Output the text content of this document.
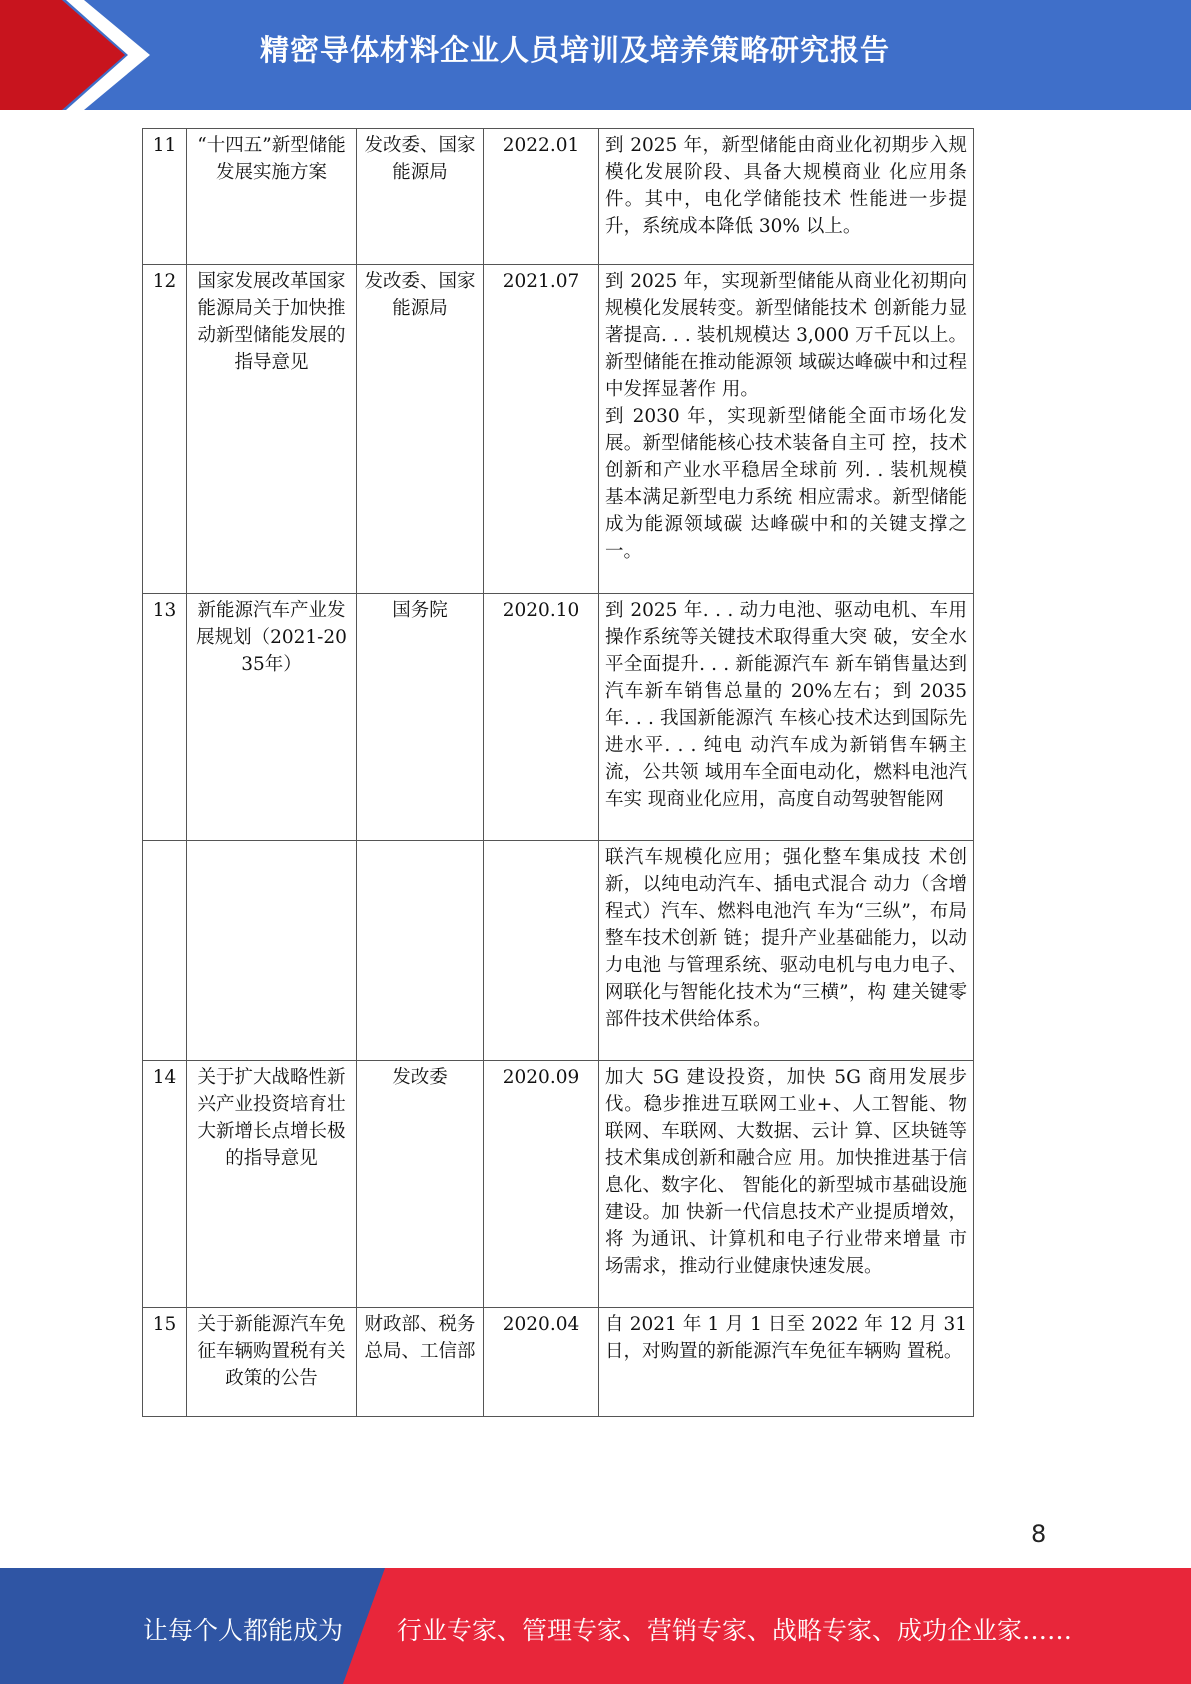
精密导体材料企业人员培训及培养策略研究报告
11	“十四五”新型储能发展实施方案	发改委、国家能源局	2022.01	到 2025 年，新型储能由商业化初期步入规模化发展阶段、具备大规模商业 化应用条件。其中，电化学储能技术 性能进一步提升，系统成本降低 30% 以上。
12	国家发展改革国家能源局关于加快推动新型储能发展的指导意见	发改委、国家能源局	2021.07	到 2025 年，实现新型储能从商业化初期向规模化发展转变。新型储能技术 创新能力显著提高. . . 装机规模达 3,000 万千瓦以上。新型储能在推动能源领 域碳达峰碳中和过程中发挥显著作 用。
到 2030 年，实现新型储能全面市场化发展。新型储能核心技术装备自主可 控，技术创新和产业水平稳居全球前 列. . 装机规模基本满足新型电力系统 相应需求。新型储能成为能源领域碳 达峰碳中和的关键支撑之一。
13	新能源汽车产业发展规划（2021-2035年）	国务院	2020.10	到 2025 年. . . 动力电池、驱动电机、车用操作系统等关键技术取得重大突 破，安全水平全面提升. . . 新能源汽车 新车销售量达到汽车新车销售总量的 20%左右；到 2035 年. . . 我国新能源汽 车核心技术达到国际先进水平. . . 纯电 动汽车成为新销售车辆主流，公共领 域用车全面电动化，燃料电池汽车实 现商业化应用，高度自动驾驶智能网
				联汽车规模化应用；强化整车集成技 术创新，以纯电动汽车、插电式混合 动力（含增程式）汽车、燃料电池汽 车为“三纵”，布局整车技术创新 链；提升产业基础能力，以动力电池 与管理系统、驱动电机与电力电子、 网联化与智能化技术为“三横”，构 建关键零部件技术供给体系。
14	关于扩大战略性新兴产业投资培育壮大新增长点增长极的指导意见	发改委	2020.09	加大 5G 建设投资，加快 5G 商用发展步伐。稳步推进互联网工业+、人工智能、物联网、车联网、大数据、云计 算、区块链等技术集成创新和融合应 用。加快推进基于信息化、数字化、 智能化的新型城市基础设施建设。加 快新一代信息技术产业提质增效，将 为通讯、计算机和电子行业带来增量 市场需求，推动行业健康快速发展。
15	关于新能源汽车免征车辆购置税有关政策的公告	财政部、税务总局、工信部	2020.04	自 2021 年 1 月 1 日至 2022 年 12 月 31 日，对购置的新能源汽车免征车辆购 置税。
8
让每个人都能成为 行业专家、管理专家、营销专家、战略专家、成功企业家……
